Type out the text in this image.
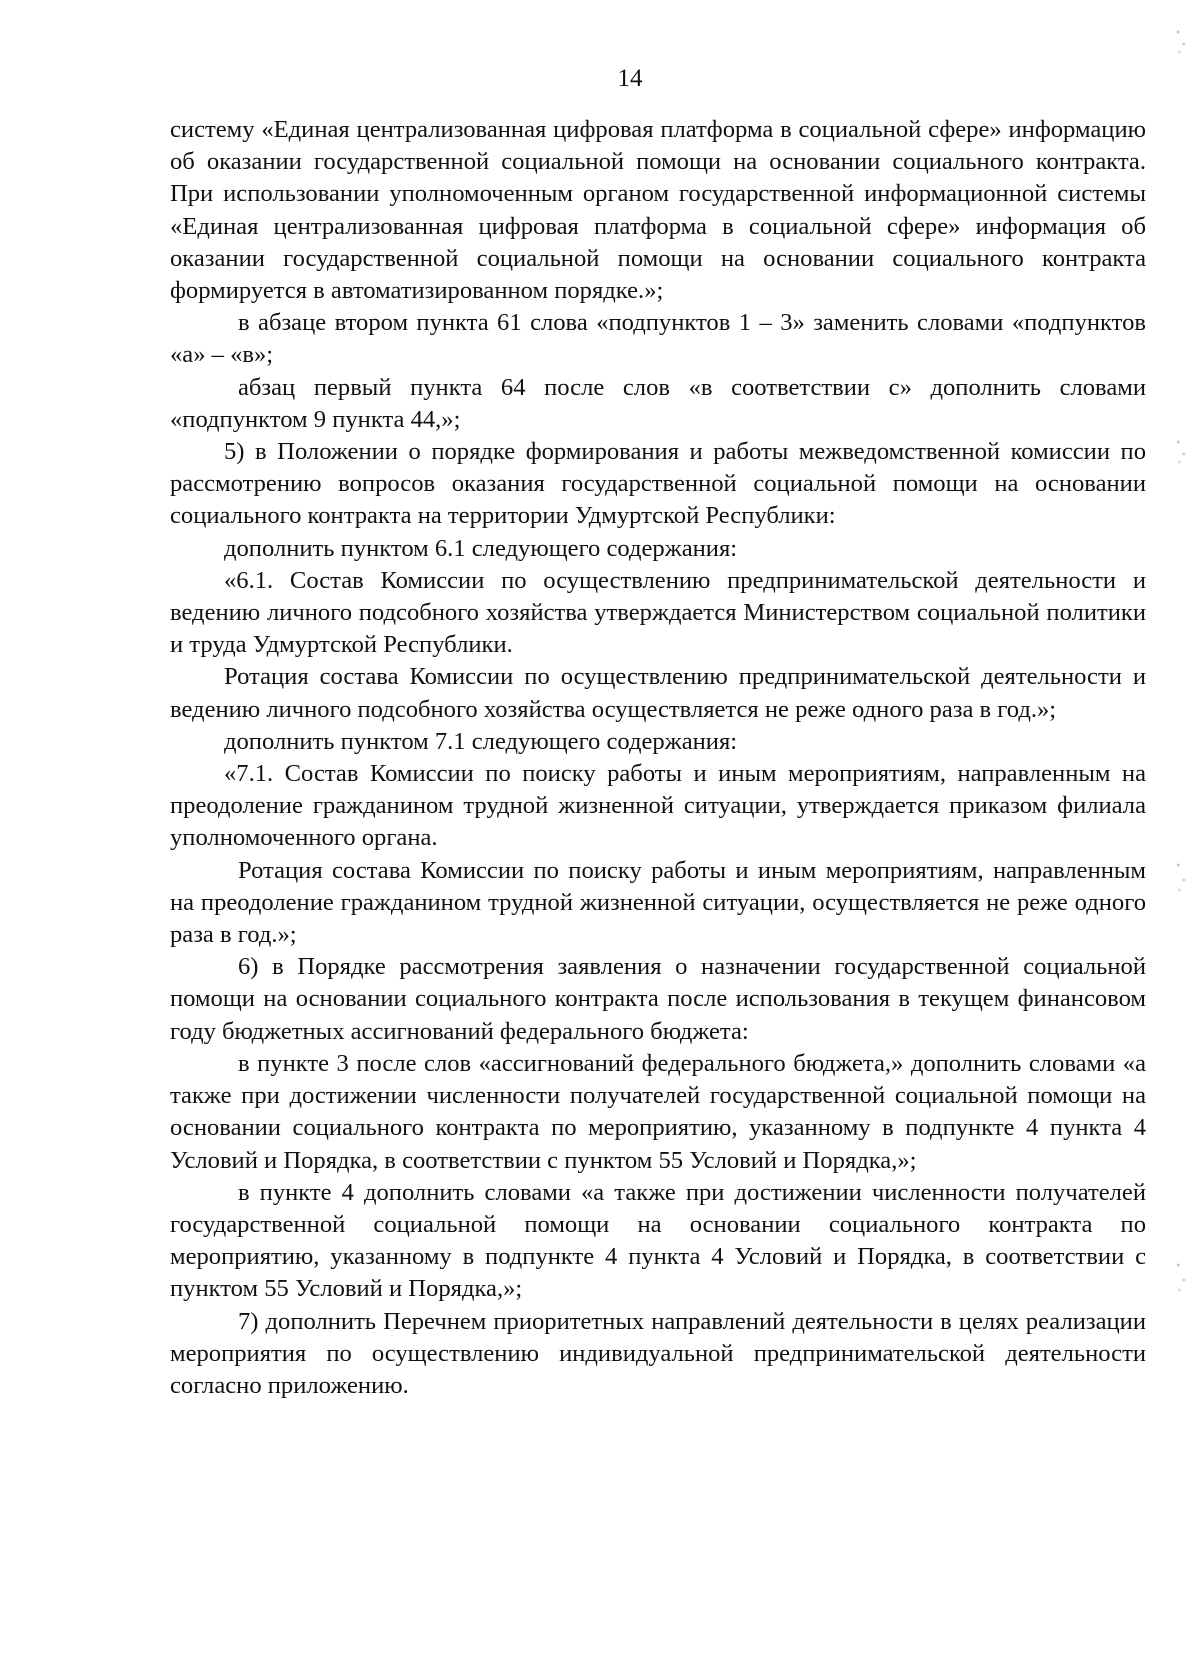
14

систему «Единая централизованная цифровая платформа в социальной сфере» информацию об оказании государственной социальной помощи на основании социального контракта. При использовании уполномоченным органом государственной информационной системы «Единая централизованная цифровая платформа в социальной сфере» информация об оказании государственной социальной помощи на основании социального контракта формируется в автоматизированном порядке.»;

в абзаце втором пункта 61 слова «подпунктов 1 – 3» заменить словами «подпунктов «а» – «в»;

абзац первый пункта 64 после слов «в соответствии с» дополнить словами «подпунктом 9 пункта 44,»;

5) в Положении о порядке формирования и работы межведомственной комиссии по рассмотрению вопросов оказания государственной социальной помощи на основании социального контракта на территории Удмуртской Республики:

дополнить пунктом 6.1 следующего содержания:

«6.1. Состав Комиссии по осуществлению предпринимательской деятельности и ведению личного подсобного хозяйства утверждается Министерством социальной политики и труда Удмуртской Республики.

Ротация состава Комиссии по осуществлению предпринимательской деятельности и ведению личного подсобного хозяйства осуществляется не реже одного раза в год.»;

дополнить пунктом 7.1 следующего содержания:

«7.1. Состав Комиссии по поиску работы и иным мероприятиям, направленным на преодоление гражданином трудной жизненной ситуации, утверждается приказом филиала уполномоченного органа.

Ротация состава Комиссии по поиску работы и иным мероприятиям, направленным на преодоление гражданином трудной жизненной ситуации, осуществляется не реже одного раза в год.»;

6) в Порядке рассмотрения заявления о назначении государственной социальной помощи на основании социального контракта после использования в текущем финансовом году бюджетных ассигнований федерального бюджета:

в пункте 3 после слов «ассигнований федерального бюджета,» дополнить словами «а также при достижении численности получателей государственной социальной помощи на основании социального контракта по мероприятию, указанному в подпункте 4 пункта 4 Условий и Порядка, в соответствии с пунктом 55 Условий и Порядка,»;

в пункте 4 дополнить словами «а также при достижении численности получателей государственной социальной помощи на основании социального контракта по мероприятию, указанному в подпункте 4 пункта 4 Условий и Порядка, в соответствии с пунктом 55 Условий и Порядка,»;

7) дополнить Перечнем приоритетных направлений деятельности в целях реализации мероприятия по осуществлению индивидуальной предпринимательской деятельности согласно приложению.
